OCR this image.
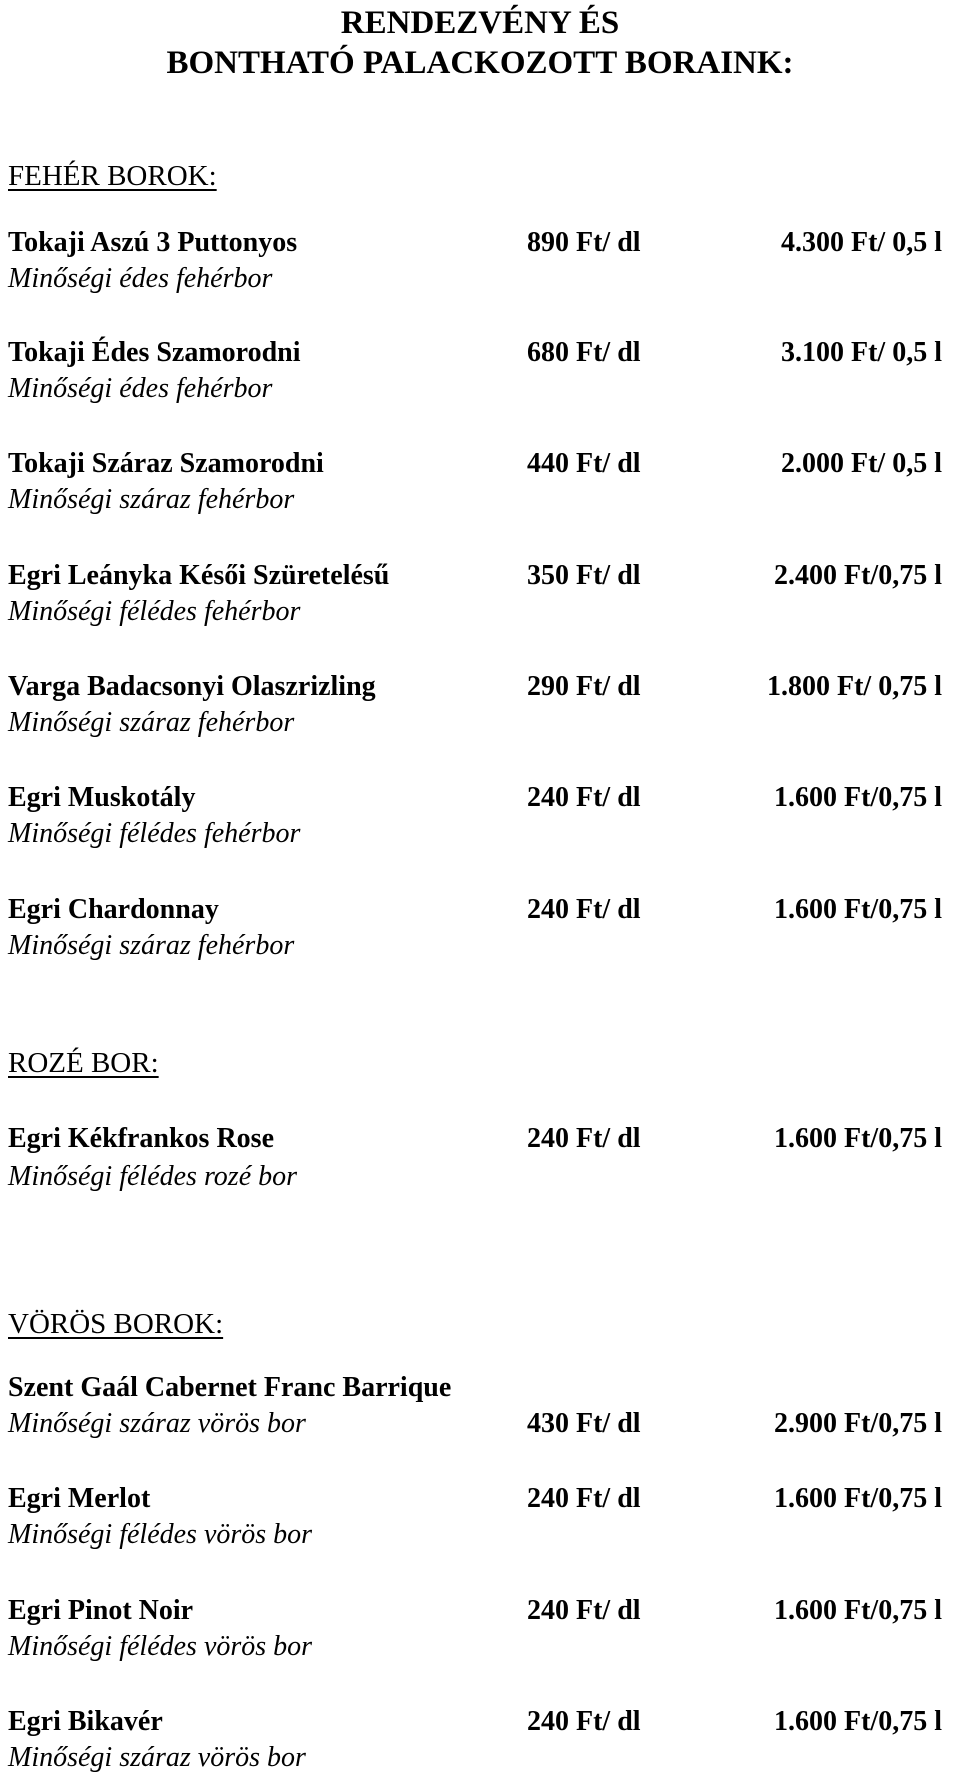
RENDEZVÉNY ÉS
BONTHATÓ PALACKOZOTT BORAINK:
FEHÉR BOROK:
Tokaji Aszú 3 Puttonyos	890 Ft/ dl	4.300 Ft/ 0,5 l
Minőségi édes fehérbor
Tokaji Édes Szamorodni	680 Ft/ dl	3.100 Ft/ 0,5 l
Minőségi édes fehérbor
Tokaji Száraz Szamorodni	440 Ft/ dl	2.000 Ft/ 0,5 l
Minőségi száraz fehérbor
Egri Leányka Késői Szüretelésű	350 Ft/ dl	2.400 Ft/0,75 l
Minőségi félédes fehérbor
Varga Badacsonyi Olaszrizling	290 Ft/ dl	1.800 Ft/ 0,75 l
Minőségi száraz fehérbor
Egri Muskotály	240 Ft/ dl	1.600 Ft/0,75 l
Minőségi félédes fehérbor
Egri Chardonnay	240 Ft/ dl	1.600 Ft/0,75 l
Minőségi száraz fehérbor
ROZÉ BOR:
Egri Kékfrankos Rose	240 Ft/ dl	1.600 Ft/0,75 l
Minőségi félédes rozé bor
VÖRÖS BOROK:
Szent Gaál Cabernet Franc Barrique
Minőségi száraz vörös bor	430 Ft/ dl	2.900 Ft/0,75 l
Egri Merlot	240 Ft/ dl	1.600 Ft/0,75 l
Minőségi félédes vörös bor
Egri Pinot Noir	240 Ft/ dl	1.600 Ft/0,75 l
Minőségi félédes vörös bor
Egri Bikavér	240 Ft/ dl	1.600 Ft/0,75 l
Minőségi száraz vörös bor
